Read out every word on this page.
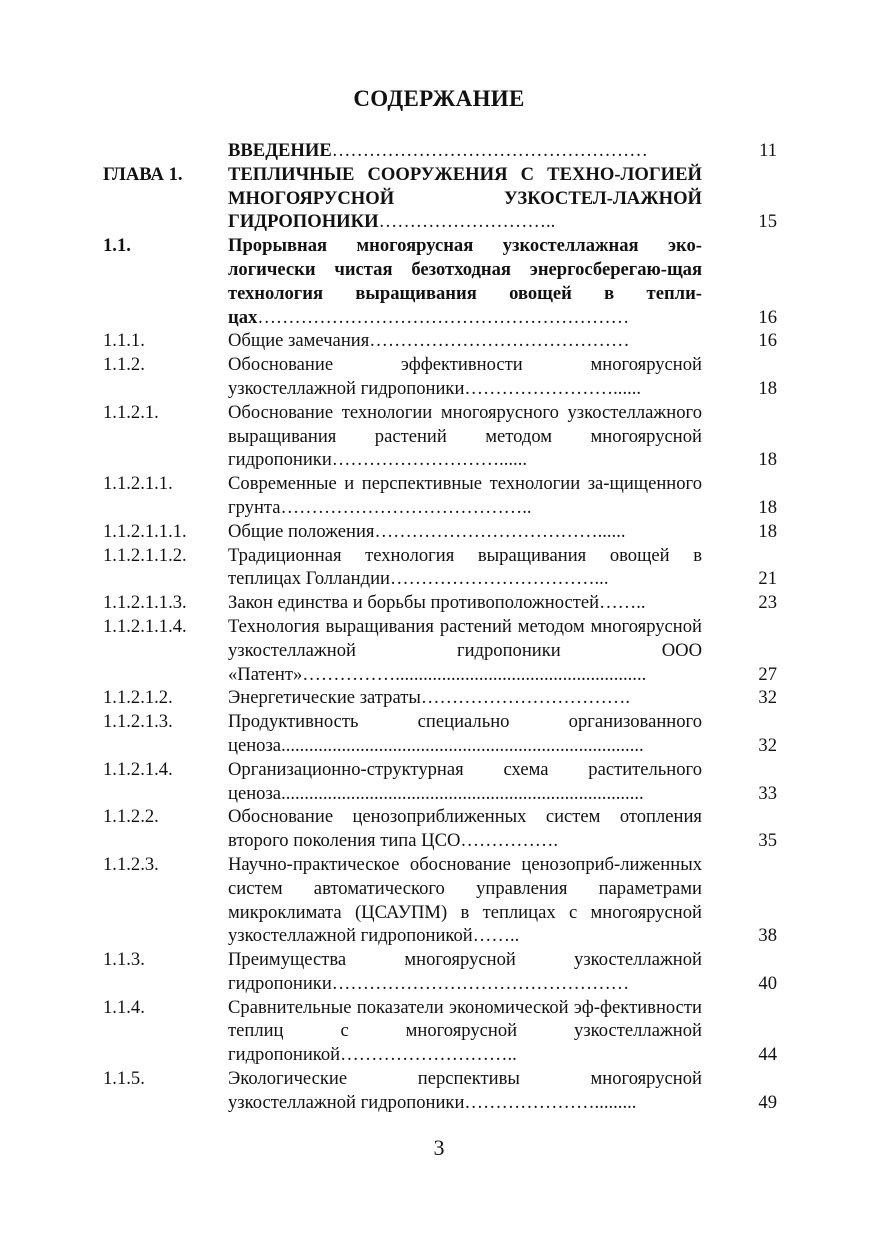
СОДЕРЖАНИЕ
	ВВЕДЕНИЕ……………………………………………	11
ГЛАВА 1.	ТЕПЛИЧНЫЕ СООРУЖЕНИЯ С ТЕХНО-ЛОГИЕЙ МНОГОЯРУСНОЙ УЗКОСТЕЛ-ЛАЖНОЙ ГИДРОПОНИКИ………………………..	15
1.1.	Прорывная многоярусная узкостеллажная эко-логически чистая безотходная энергосберегаю-щая технология выращивания овощей в тепли-цах……………………………………………………	16
1.1.1.	Общие замечания……………………………………	16
1.1.2.	Обоснование эффективности многоярусной узкостеллажной гидропоники……………………......	18
1.1.2.1.	Обоснование технологии многоярусного узкостеллажного выращивания растений методом многоярусной гидропоники………………………......	18
1.1.2.1.1.	Современные и перспективные технологии за-щищенного грунта…………………………………..	18
1.1.2.1.1.1.	Общие положения………………………………......	18
1.1.2.1.1.2.	Традиционная технология выращивания овощей в теплицах Голландии……………………………...	21
1.1.2.1.1.3.	Закон единства и борьбы противоположностей……..	23
1.1.2.1.1.4.	Технология выращивания растений методом многоярусной узкостеллажной гидропоники ООО «Патент»……………......................................................	27
1.1.2.1.2.	Энергетические затраты…………………………….	32
1.1.2.1.3.	Продуктивность специально организованного ценоза..............................................................................	32
1.1.2.1.4.	Организационно-структурная схема растительного ценоза..............................................................................	33
1.1.2.2.	Обоснование ценозоприближенных систем отопления второго поколения типа ЦСО…………….	35
1.1.2.3.	Научно-практическое обоснование ценозоприб-лиженных систем автоматического управления параметрами микроклимата (ЦСАУПМ) в теплицах с многоярусной узкостеллажной гидропоникой……..	38
1.1.3.	Преимущества многоярусной узкостеллажной гидропоники…………………………………………	40
1.1.4.	Сравнительные показатели экономической эф-фективности теплиц с многоярусной узкостеллажной гидропоникой………………………..	44
1.1.5.	Экологические перспективы многоярусной узкостеллажной гидропоники………………….........	49
3
